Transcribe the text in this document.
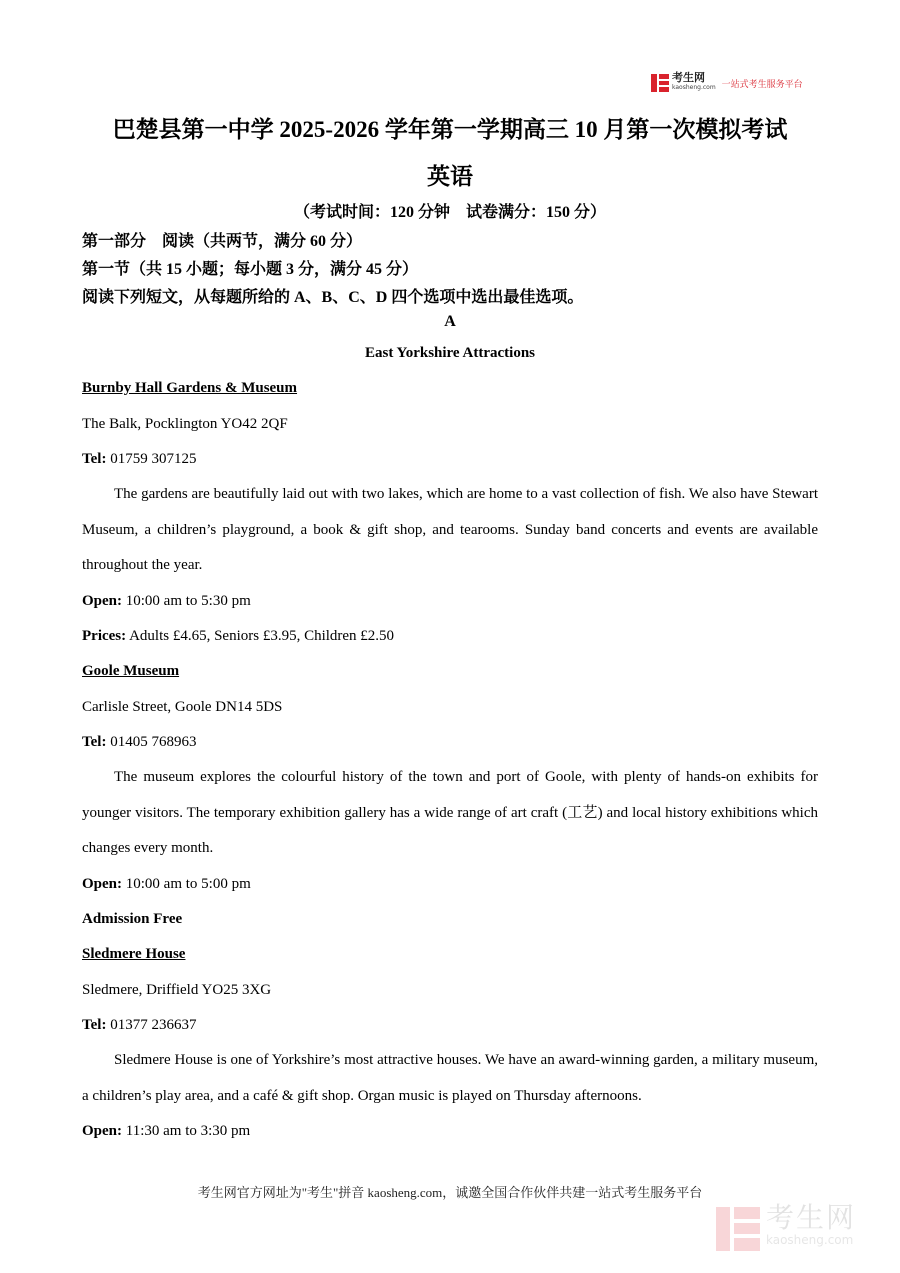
考生网
kaosheng.com 一站式考生服务平台
巴楚县第一中学 2025-2026 学年第一学期高三 10 月第一次模拟考试
英语
（考试时间：120 分钟　试卷满分：150 分）
第一部分　阅读（共两节，满分 60 分）
第一节（共 15 小题；每小题 3 分，满分 45 分）
阅读下列短文，从每题所给的 A、B、C、D 四个选项中选出最佳选项。
A
East Yorkshire Attractions
Burnby Hall Gardens & Museum
The Balk, Pocklington YO42 2QF
Tel: 01759 307125
The gardens are beautifully laid out with two lakes, which are home to a vast collection of fish. We also have Stewart Museum, a children’s playground, a book & gift shop, and tearooms. Sunday band concerts and events are available throughout the year.
Open: 10:00 am to 5:30 pm
Prices: Adults £4.65, Seniors £3.95, Children £2.50
Goole Museum
Carlisle Street, Goole DN14 5DS
Tel: 01405 768963
The museum explores the colourful history of the town and port of Goole, with plenty of hands-on exhibits for younger visitors. The temporary exhibition gallery has a wide range of art craft (工艺) and local history exhibitions which changes every month.
Open: 10:00 am to 5:00 pm
Admission Free
Sledmere House
Sledmere, Driffield YO25 3XG
Tel: 01377 236637
Sledmere House is one of Yorkshire’s most attractive houses. We have an award-winning garden, a military museum, a children’s play area, and a café & gift shop. Organ music is played on Thursday afternoons.
Open: 11:30 am to 3:30 pm
考生网官方网址为"考生"拼音 kaosheng.com，诚邀全国合作伙伴共建一站式考生服务平台
考生网
kaosheng.com
